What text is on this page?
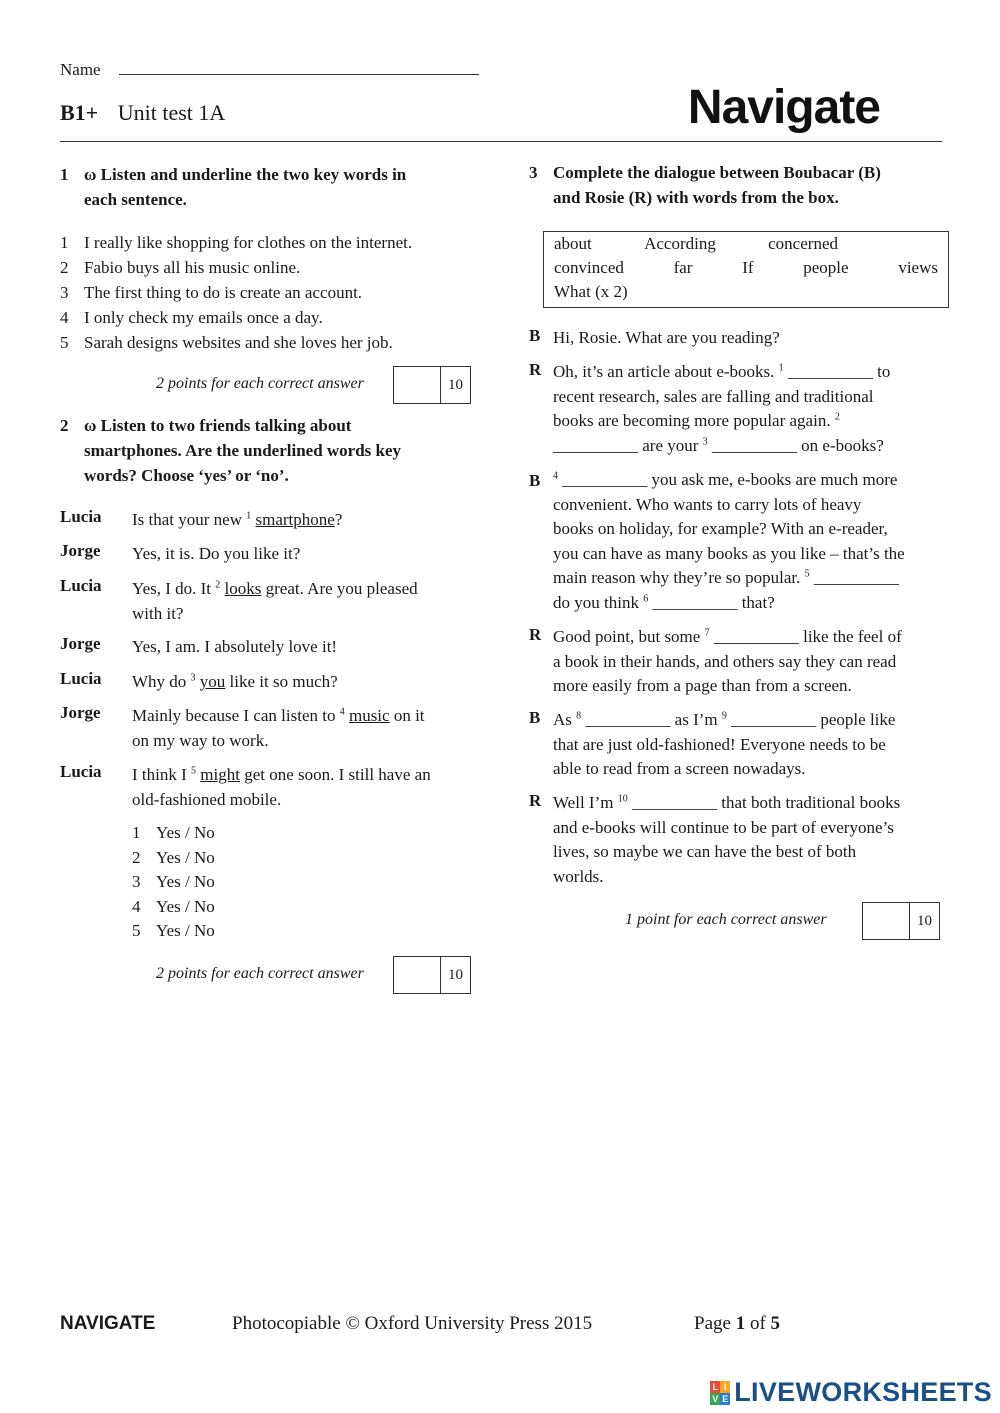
Name
B1+ Unit test 1A	Navigate
1 ω Listen and underline the two key words in
each sentence.
1 I really like shopping for clothes on the internet.
2 Fabio buys all his music online.
3 The first thing to do is create an account.
4 I only check my emails once a day.
5 Sarah designs websites and she loves her job.
2 points for each correct answer	10
2 ω Listen to two friends talking about
smartphones. Are the underlined words key
words? Choose ‘yes’ or ‘no’.
Lucia Is that your new $^1$ smartphone?
Jorge Yes, it is. Do you like it?
Lucia Yes, I do. It $^2$ looks great. Are you pleased
with it?
Jorge Yes, I am. I absolutely love it!
Lucia Why do $^3$ you like it so much?
Jorge Mainly because I can listen to $^4$ music on it
on my way to work.
Lucia I think I $^5$ might get one soon. I still have an
old-fashioned mobile.
1 Yes / No
2 Yes / No
3 Yes / No
4 Yes / No
5 Yes / No
2 points for each correct answer	10
3 Complete the dialogue between Boubacar (B)
and Rosie (R) with words from the box.
about	According	concerned
convinced	far	If	people	views
What (x 2)
B Hi, Rosie. What are you reading?
R Oh, it’s an article about e-books. $^1$ __________ to
recent research, sales are falling and traditional
books are becoming more popular again. $^2$
__________ are your $^3$ __________ on e-books?
B $^4$ __________ you ask me, e-books are much more
convenient. Who wants to carry lots of heavy
books on holiday, for example? With an e-reader,
you can have as many books as you like – that’s the
main reason why they’re so popular. $^5$ __________
do you think $^6$ __________ that?
R Good point, but some $^7$ __________ like the feel of
a book in their hands, and others say they can read
more easily from a page than from a screen.
B As $^8$ __________ as I’m $^9$ __________ people like
that are just old-fashioned! Everyone needs to be
able to read from a screen nowadays.
R Well I’m $^{10}$ __________ that both traditional books
and e-books will continue to be part of everyone’s
lives, so maybe we can have the best of both
worlds.
1 point for each correct answer	10
NAVIGATE	Photocopiable © Oxford University Press 2015	Page 1 of 5
L I
V E LIVEWORKSHEETS
